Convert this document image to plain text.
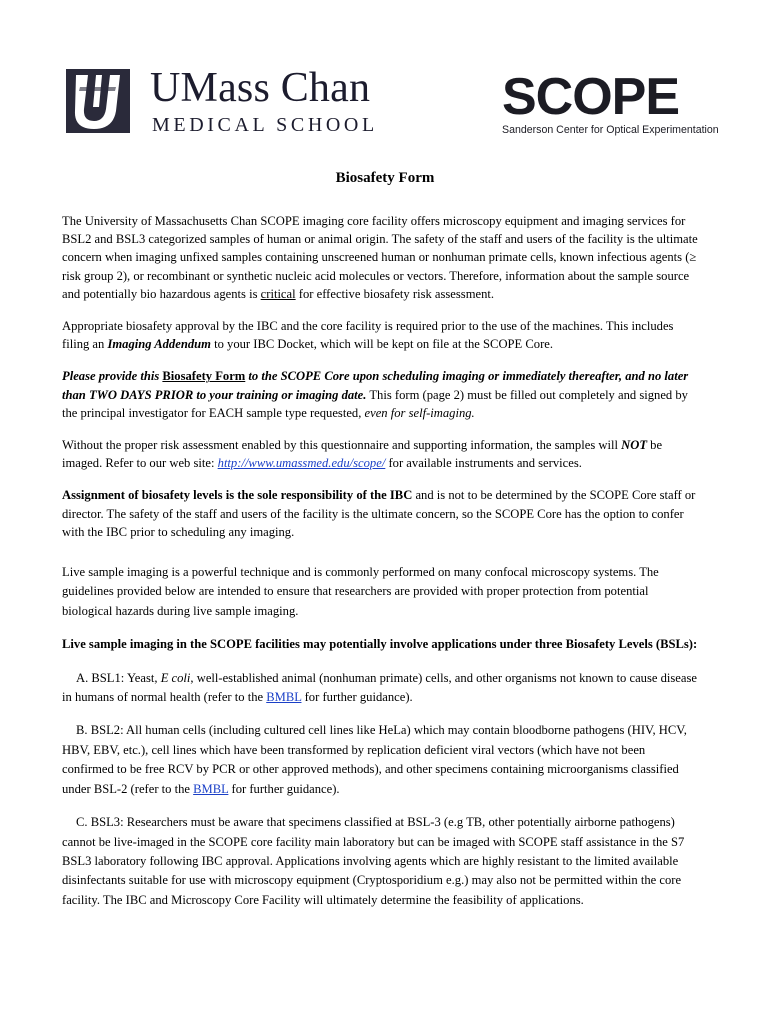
UMass Chan
MEDICAL SCHOOL SCOPE
Sanderson Center for Optical Experimentation
Biosafety Form

The University of Massachusetts Chan SCOPE imaging core facility offers microscopy equipment and imaging services for BSL2 and BSL3 categorized samples of human or animal origin. The safety of the staff and users of the facility is the ultimate concern when imaging unfixed samples containing unscreened human or nonhuman primate cells, known infectious agents (≥ risk group 2), or recombinant or synthetic nucleic acid molecules or vectors. Therefore, information about the sample source and potentially bio hazardous agents is critical for effective biosafety risk assessment.

Appropriate biosafety approval by the IBC and the core facility is required prior to the use of the machines. This includes filing an Imaging Addendum to your IBC Docket, which will be kept on file at the SCOPE Core.

Please provide this Biosafety Form to the SCOPE Core upon scheduling imaging or immediately thereafter, and no later than TWO DAYS PRIOR to your training or imaging date. This form (page 2) must be filled out completely and signed by the principal investigator for EACH sample type requested, even for self-imaging.

Without the proper risk assessment enabled by this questionnaire and supporting information, the samples will NOT be imaged. Refer to our web site: http://www.umassmed.edu/scope/ for available instruments and services.

Assignment of biosafety levels is the sole responsibility of the IBC and is not to be determined by the SCOPE Core staff or director. The safety of the staff and users of the facility is the ultimate concern, so the SCOPE Core has the option to confer with the IBC prior to scheduling any imaging.

Live sample imaging is a powerful technique and is commonly performed on many confocal microscopy systems. The guidelines provided below are intended to ensure that researchers are provided with proper protection from potential biological hazards during live sample imaging.

Live sample imaging in the SCOPE facilities may potentially involve applications under three Biosafety Levels (BSLs):

A. BSL1: Yeast, E coli, well-established animal (nonhuman primate) cells, and other organisms not known to cause disease in humans of normal health (refer to the BMBL for further guidance).

B. BSL2: All human cells (including cultured cell lines like HeLa) which may contain bloodborne pathogens (HIV, HCV, HBV, EBV, etc.), cell lines which have been transformed by replication deficient viral vectors (which have not been confirmed to be free RCV by PCR or other approved methods), and other specimens containing microorganisms classified under BSL-2 (refer to the BMBL for further guidance).

C. BSL3: Researchers must be aware that specimens classified at BSL-3 (e.g TB, other potentially airborne pathogens) cannot be live-imaged in the SCOPE core facility main laboratory but can be imaged with SCOPE staff assistance in the S7 BSL3 laboratory following IBC approval. Applications involving agents which are highly resistant to the limited available disinfectants suitable for use with microscopy equipment (Cryptosporidium e.g.) may also not be permitted within the core facility. The IBC and Microscopy Core Facility will ultimately determine the feasibility of applications.
